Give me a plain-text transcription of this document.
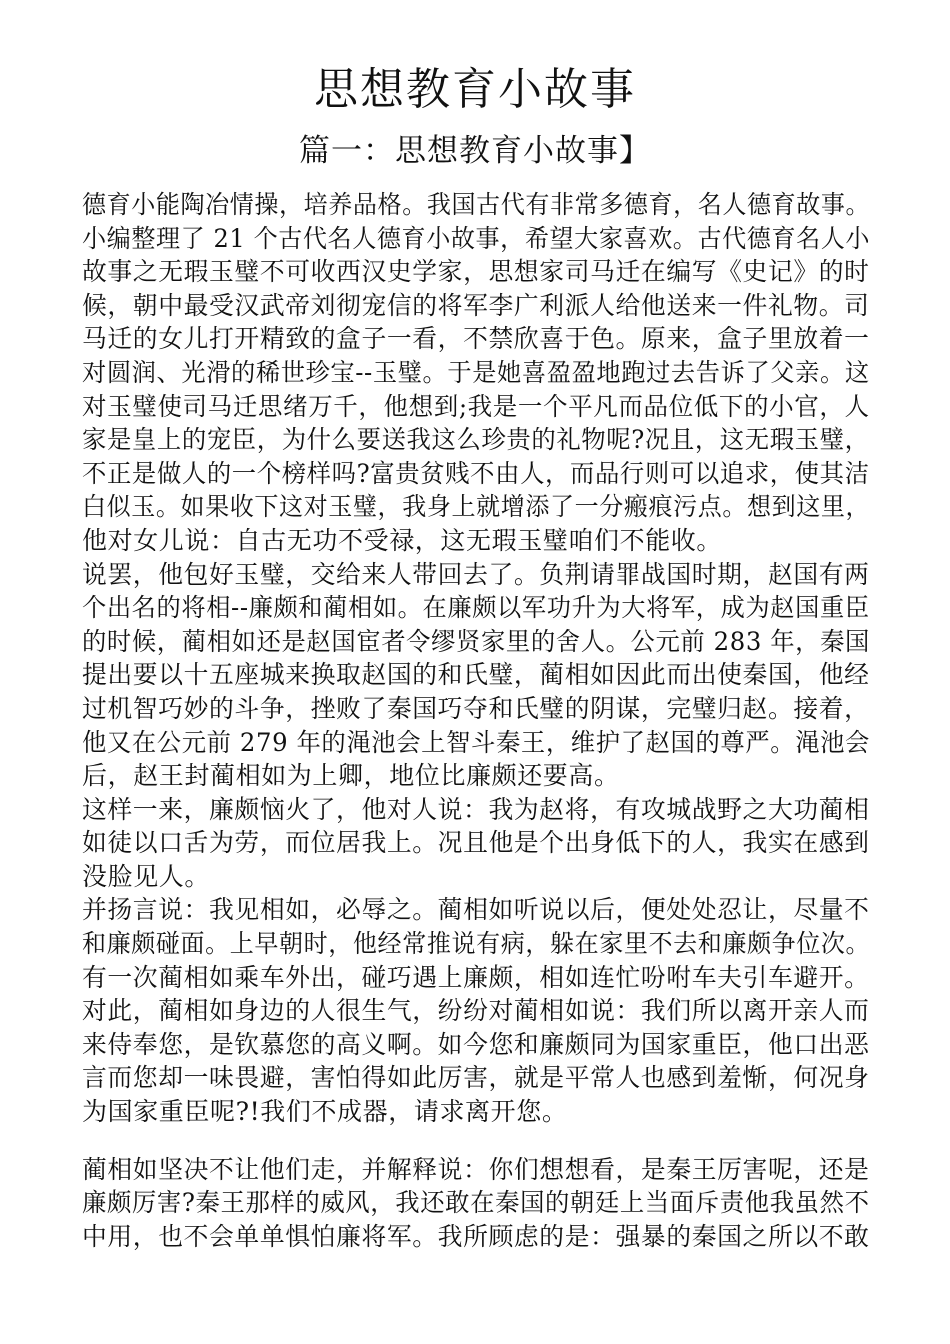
思想教育小故事
篇一：思想教育小故事】
德育小能陶冶情操，培养品格。我国古代有非常多德育，名人德育故事。
小编整理了 21 个古代名人德育小故事，希望大家喜欢。古代德育名人小
故事之无瑕玉璧不可收西汉史学家，思想家司马迁在编写《史记》的时
候，朝中最受汉武帝刘彻宠信的将军李广利派人给他送来一件礼物。司
马迁的女儿打开精致的盒子一看，不禁欣喜于色。原来，盒子里放着一
对圆润、光滑的稀世珍宝--玉璧。于是她喜盈盈地跑过去告诉了父亲。这
对玉璧使司马迁思绪万千，他想到;我是一个平凡而品位低下的小官，人
家是皇上的宠臣，为什么要送我这么珍贵的礼物呢?况且，这无瑕玉璧，
不正是做人的一个榜样吗?富贵贫贱不由人，而品行则可以追求，使其洁
白似玉。如果收下这对玉璧，我身上就增添了一分瘢痕污点。想到这里，
他对女儿说：自古无功不受禄，这无瑕玉璧咱们不能收。
说罢，他包好玉璧，交给来人带回去了。负荆请罪战国时期，赵国有两
个出名的将相--廉颇和蔺相如。在廉颇以军功升为大将军，成为赵国重臣
的时候，蔺相如还是赵国宦者令缪贤家里的舍人。公元前 283 年，秦国
提出要以十五座城来换取赵国的和氏璧，蔺相如因此而出使秦国，他经
过机智巧妙的斗争，挫败了秦国巧夺和氏璧的阴谋，完璧归赵。接着，
他又在公元前 279 年的渑池会上智斗秦王，维护了赵国的尊严。渑池会
后，赵王封蔺相如为上卿，地位比廉颇还要高。
这样一来，廉颇恼火了，他对人说：我为赵将，有攻城战野之大功蔺相
如徒以口舌为劳，而位居我上。况且他是个出身低下的人，我实在感到
没脸见人。
并扬言说：我见相如，必辱之。蔺相如听说以后，便处处忍让，尽量不
和廉颇碰面。上早朝时，他经常推说有病，躲在家里不去和廉颇争位次。
有一次蔺相如乘车外出，碰巧遇上廉颇，相如连忙吩咐车夫引车避开。
对此，蔺相如身边的人很生气，纷纷对蔺相如说：我们所以离开亲人而
来侍奉您，是钦慕您的高义啊。如今您和廉颇同为国家重臣，他口出恶
言而您却一味畏避，害怕得如此厉害，就是平常人也感到羞惭，何况身
为国家重臣呢?!我们不成器，请求离开您。
蔺相如坚决不让他们走，并解释说：你们想想看，是秦王厉害呢，还是
廉颇厉害?秦王那样的威风，我还敢在秦国的朝廷上当面斥责他我虽然不
中用，也不会单单惧怕廉将军。我所顾虑的是：强暴的秦国之所以不敢
